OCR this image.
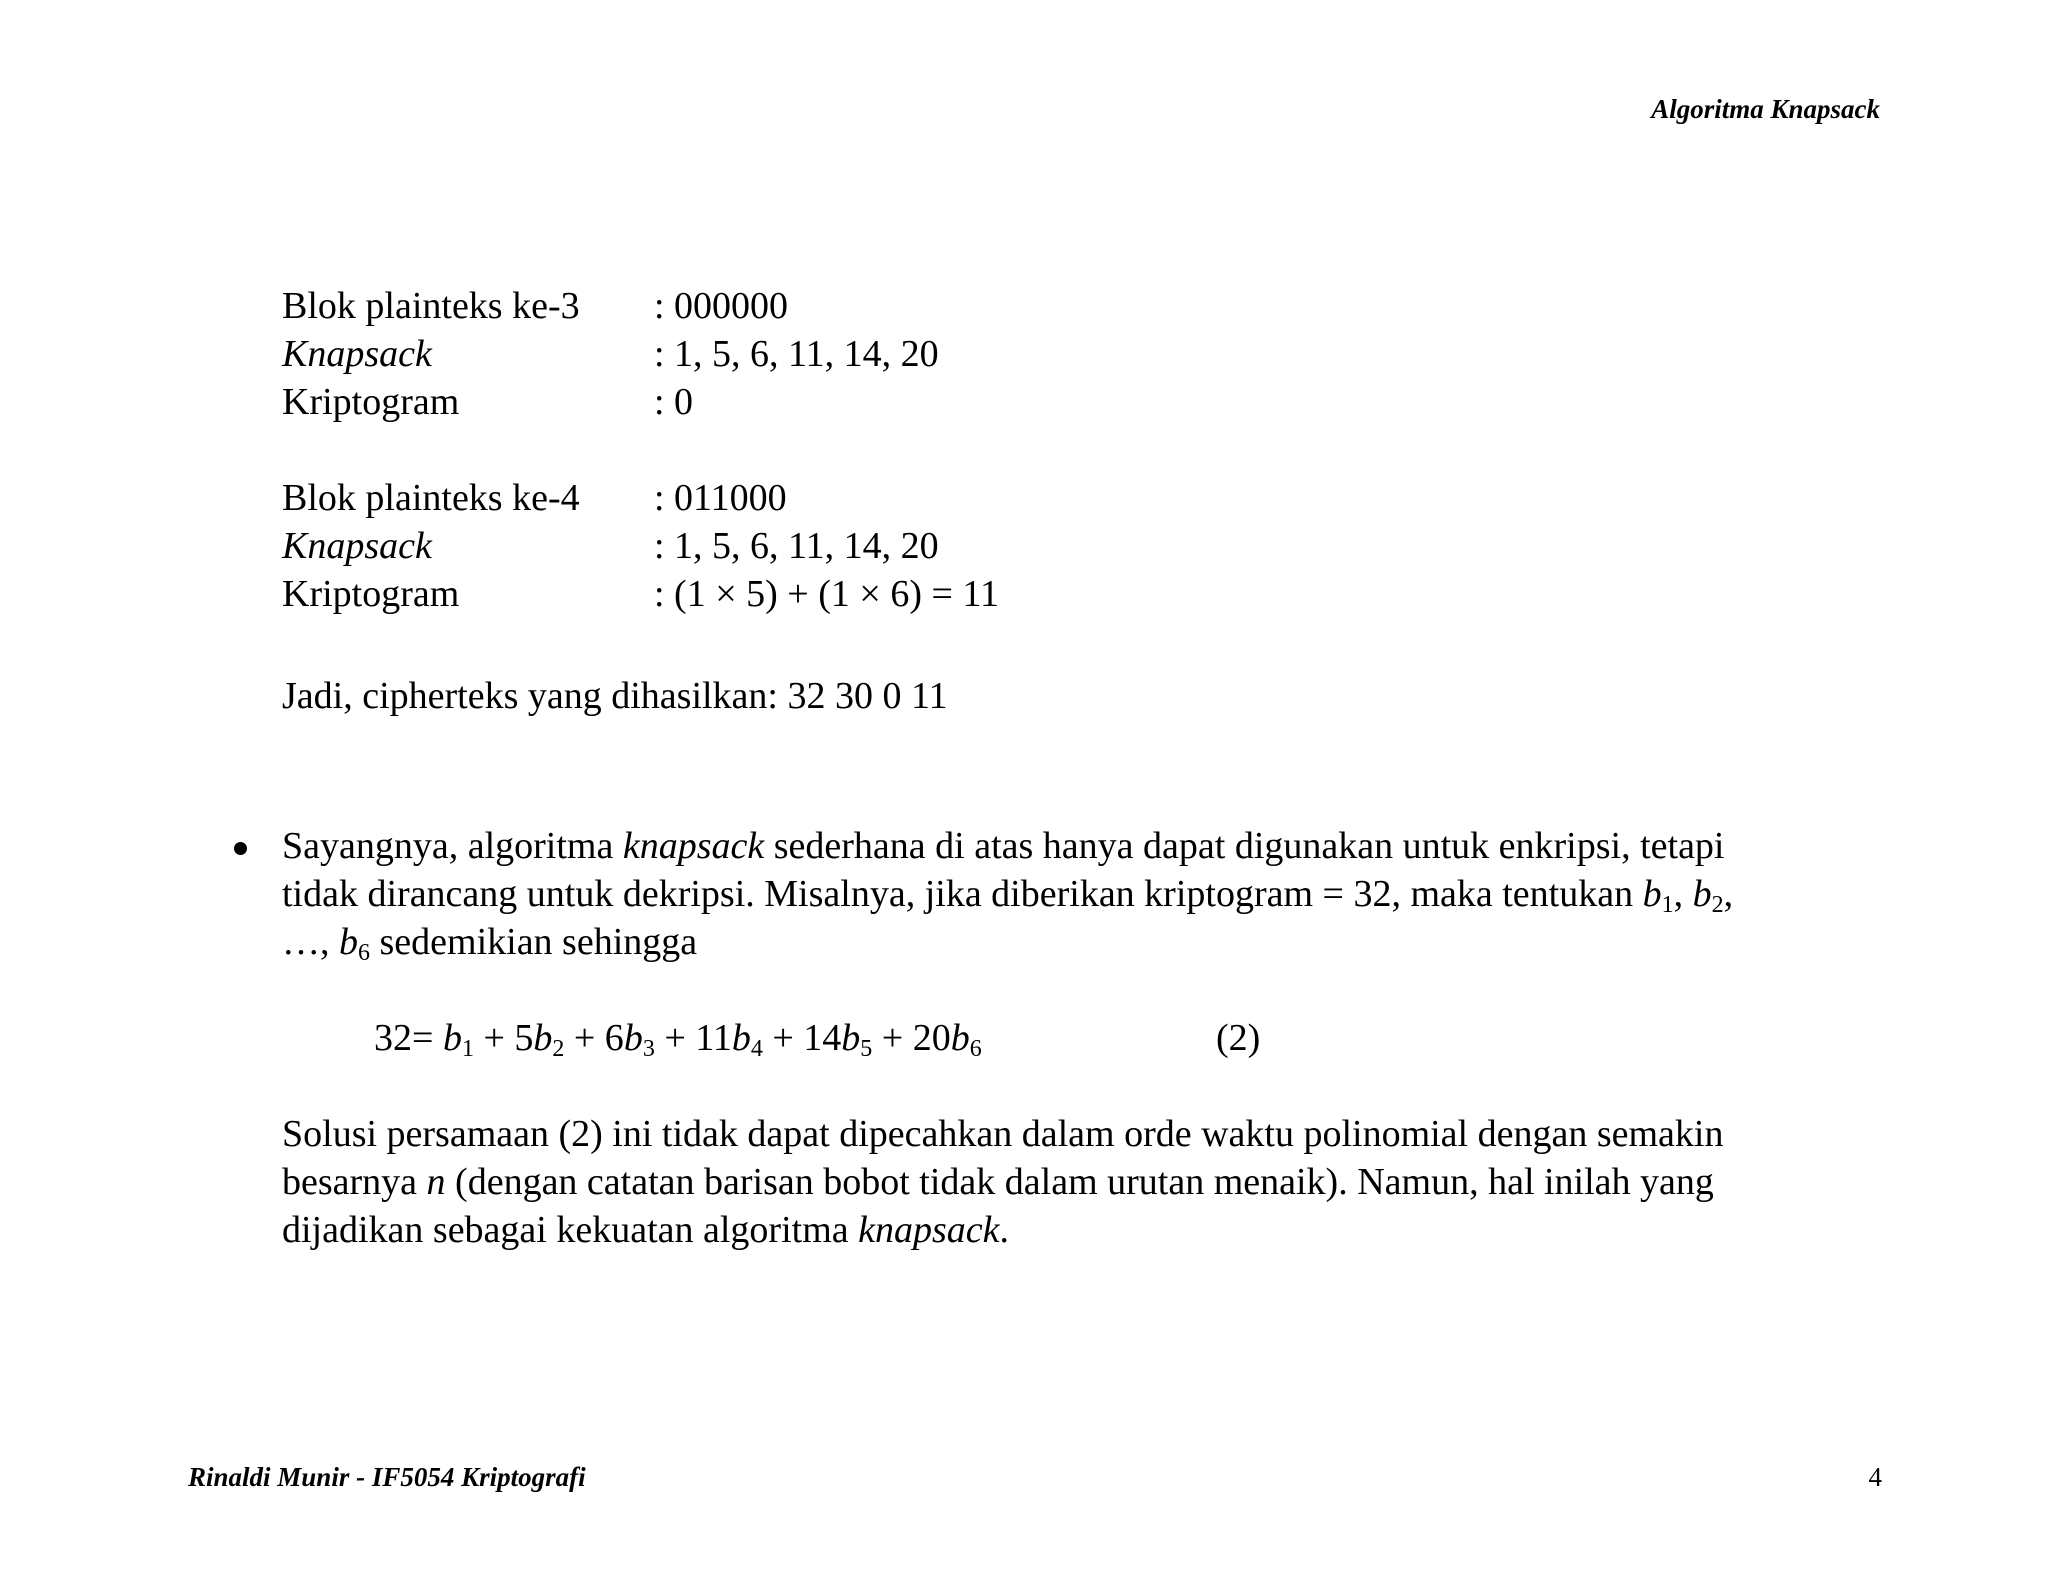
Algoritma Knapsack
Blok plainteks ke-3 : 000000
Knapsack	: 1, 5, 6, 11, 14, 20
Kriptogram	: 0
Blok plainteks ke-4 : 011000
Knapsack	: 1, 5, 6, 11, 14, 20
Kriptogram	: (1 × 5) + (1 × 6) = 11
Jadi, cipherteks yang dihasilkan: 32 30 0 11
Sayangnya, algoritma knapsack sederhana di atas hanya dapat digunakan untuk enkripsi, tetapi
tidak dirancang untuk dekripsi. Misalnya, jika diberikan kriptogram = 32, maka tentukan $b_1$, $b_2$,
…, $b_6$ sedemikian sehingga
$32= b_1 + 5b_2 + 6b_3 + 11b_4 + 14b_5 + 20b_6$	(2)
Solusi persamaan (2) ini tidak dapat dipecahkan dalam orde waktu polinomial dengan semakin
besarnya n (dengan catatan barisan bobot tidak dalam urutan menaik). Namun, hal inilah yang
dijadikan sebagai kekuatan algoritma knapsack.
Rinaldi Munir - IF5054 Kriptografi	4
